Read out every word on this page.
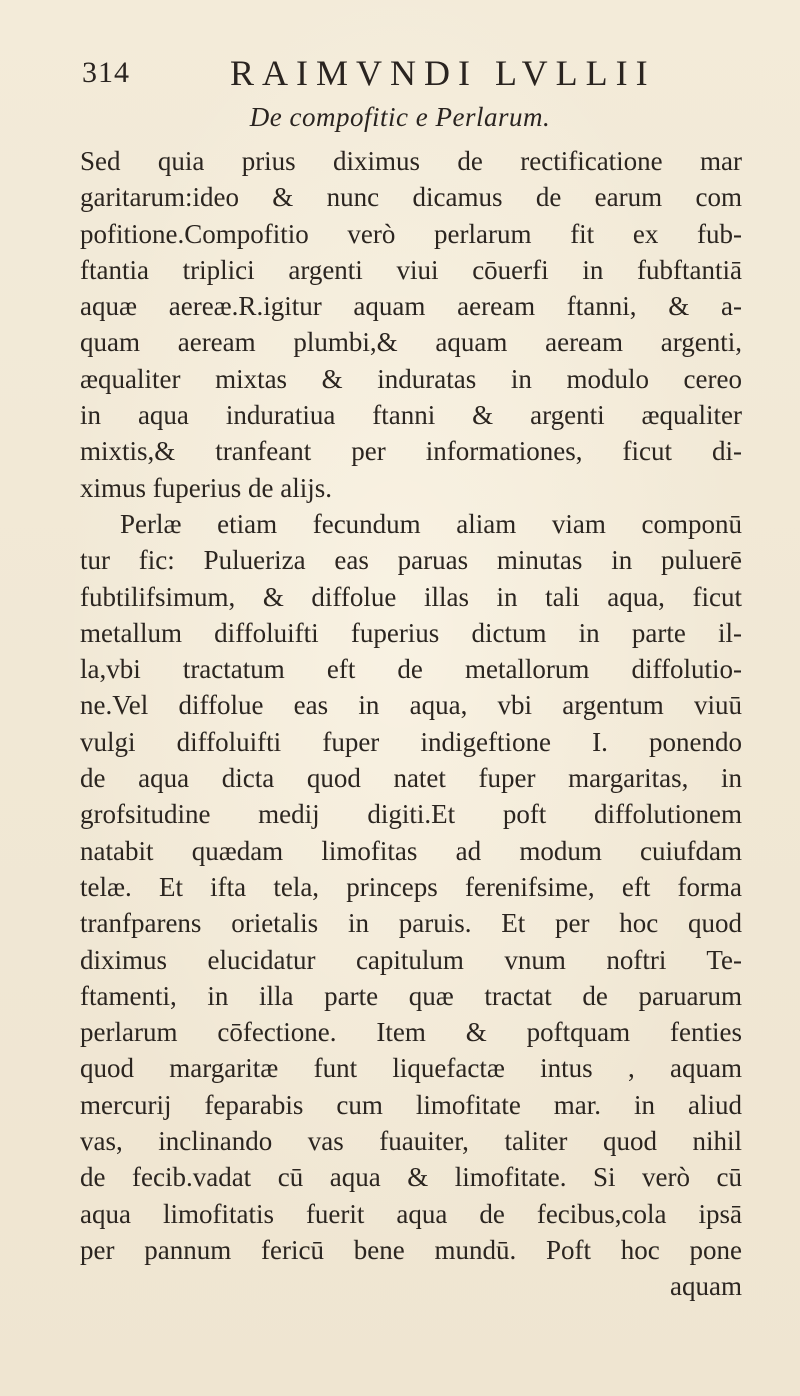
314	RAIMVNDI LVLLII
De compofitic e Perlarum.
Sed quia prius diximus de rectificatione mar
garitarum:ideo & nunc dicamus de earum com
pofitione.Compofitio verò perlarum fit ex fub-
ftantia triplici argenti viui cōuerfi in fubftantiā
aquæ aereæ.R.igitur aquam aeream ftanni, & a-
quam aeream plumbi,& aquam aeream argenti,
æqualiter mixtas & induratas in modulo cereo
in aqua induratiua ftanni & argenti æqualiter
mixtis,& tranfeant per informationes, ficut di-
ximus fuperius de alijs.
Perlæ etiam fecundum aliam viam componū
tur fic: Pulueriza eas paruas minutas in puluerē
fubtilifsimum, & diffolue illas in tali aqua, ficut
metallum diffoluifti fuperius dictum in parte il-
la,vbi tractatum eft de metallorum diffolutio-
ne.Vel diffolue eas in aqua, vbi argentum viuū
vulgi diffoluifti fuper indigeftione I. ponendo
de aqua dicta quod natet fuper margaritas, in
grofsitudine medij digiti.Et poft diffolutionem
natabit quædam limofitas ad modum cuiufdam
telæ. Et ifta tela, princeps ferenifsime, eft forma
tranfparens orietalis in paruis. Et per hoc quod
diximus elucidatur capitulum vnum noftri Te-
ftamenti, in illa parte quæ tractat de paruarum
perlarum cōfectione. Item & poftquam fenties
quod margaritæ funt liquefactæ intus , aquam
mercurij feparabis cum limofitate mar. in aliud
vas, inclinando vas fuauiter, taliter quod nihil
de fecib.vadat cū aqua & limofitate. Si verò cū
aqua limofitatis fuerit aqua de fecibus,cola ipsā
per pannum fericū bene mundū. Poft hoc pone
aquam
